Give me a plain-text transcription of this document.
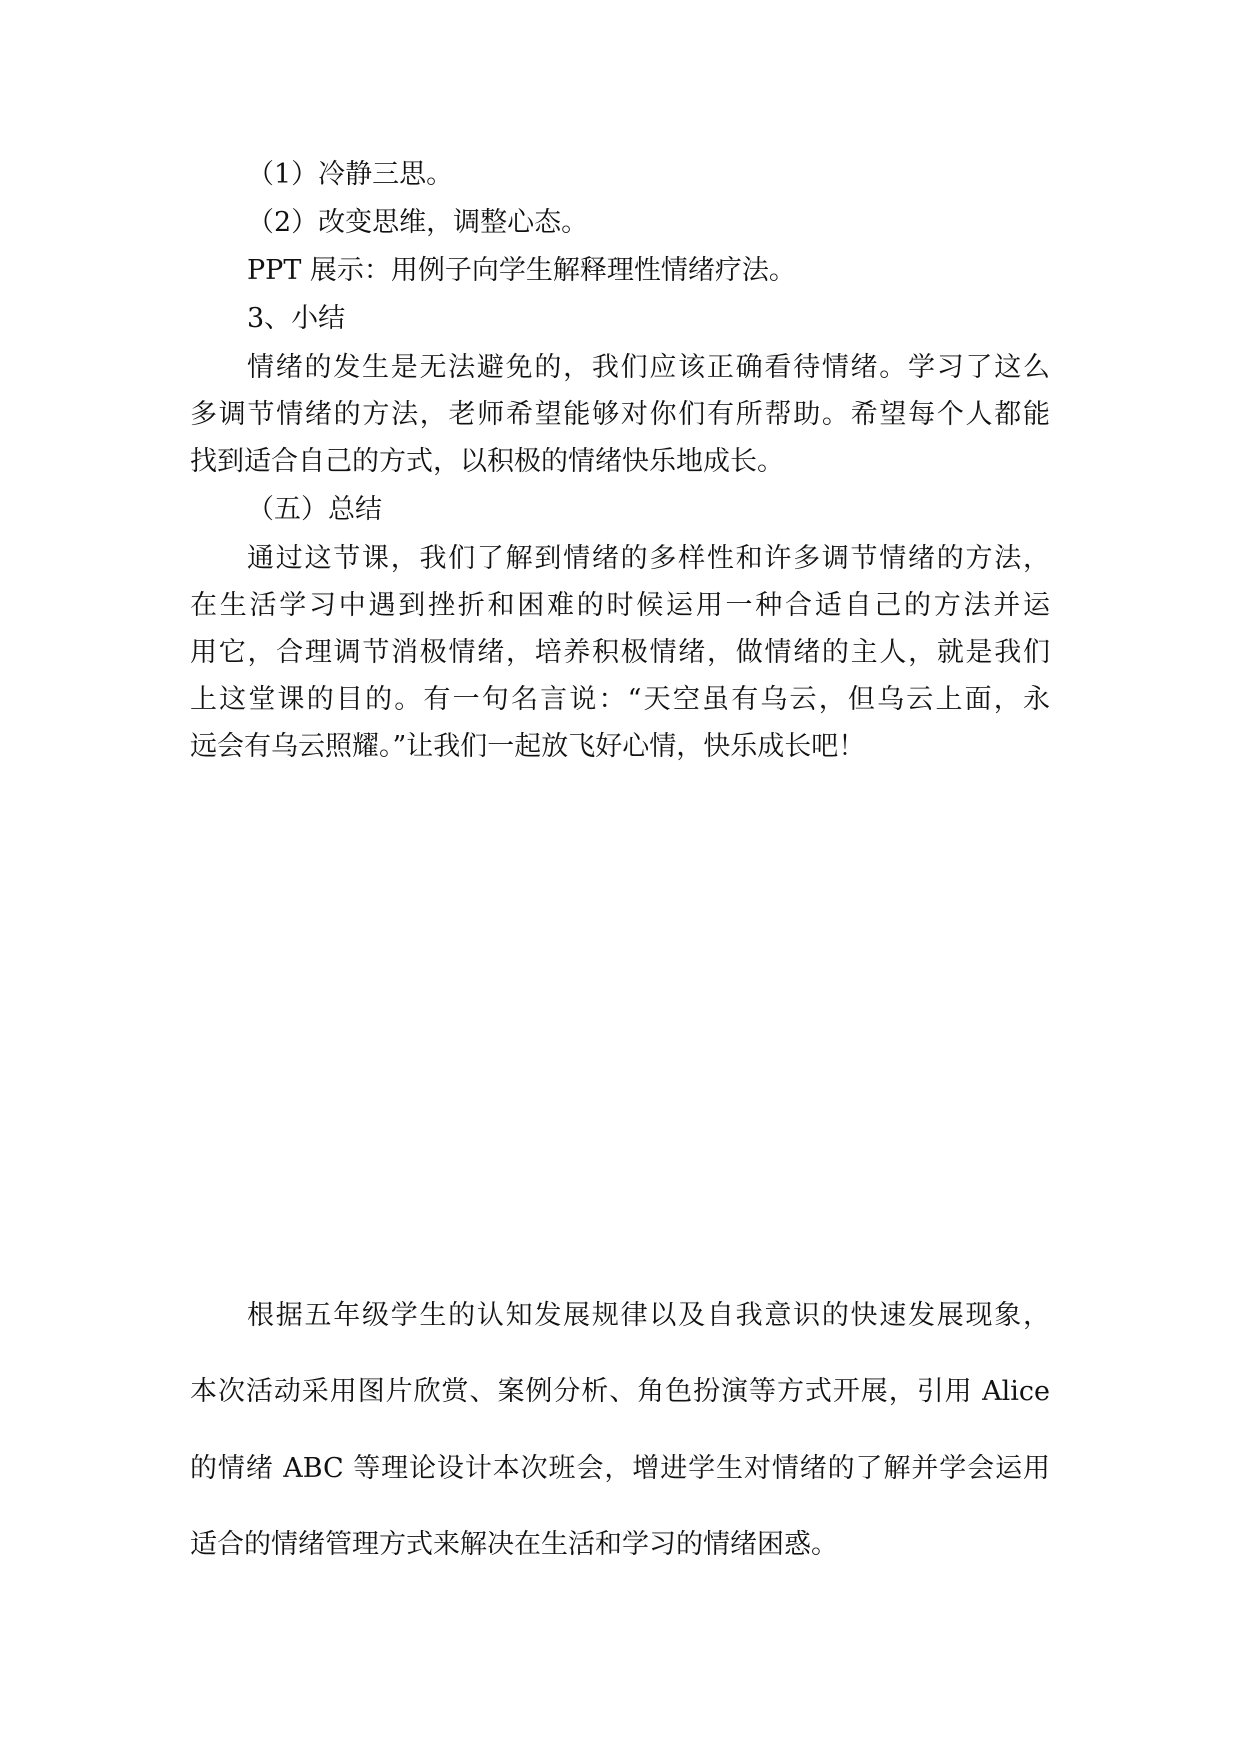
（1）冷静三思。
（2）改变思维，调整心态。
PPT 展示：用例子向学生解释理性情绪疗法。
3、小结
情绪的发生是无法避免的，我们应该正确看待情绪。学习了这么
多调节情绪的方法，老师希望能够对你们有所帮助。希望每个人都能
找到适合自己的方式，以积极的情绪快乐地成长。
（五）总结
通过这节课，我们了解到情绪的多样性和许多调节情绪的方法，
在生活学习中遇到挫折和困难的时候运用一种合适自己的方法并运
用它，合理调节消极情绪，培养积极情绪，做情绪的主人，就是我们
上这堂课的目的。有一句名言说：“天空虽有乌云，但乌云上面，永
远会有乌云照耀。”让我们一起放飞好心情，快乐成长吧！
根据五年级学生的认知发展规律以及自我意识的快速发展现象，
本次活动采用图片欣赏、案例分析、角色扮演等方式开展，引用 Alice
的情绪 ABC 等理论设计本次班会，增进学生对情绪的了解并学会运用
适合的情绪管理方式来解决在生活和学习的情绪困惑。
